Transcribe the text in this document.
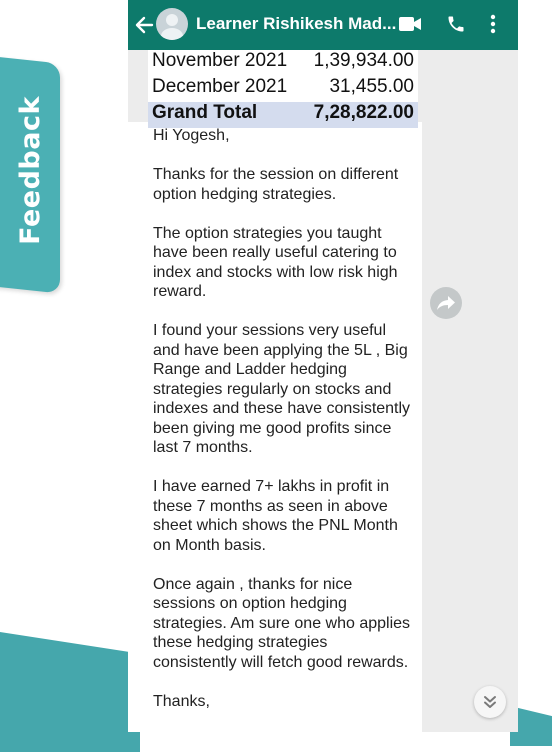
Feedback
Learner Rishikesh Mad...
November 2021 1,39,934.00
December 2021 31,455.00
Grand Total	7,28,822.00

Hi Yogesh,

Thanks for the session on different option hedging strategies.

The option strategies you taught have been really useful catering to index and stocks with low risk high reward.

I found your sessions very useful and have been applying the 5L , Big Range and Ladder hedging strategies regularly on stocks and indexes and these have consistently been giving me good profits since last 7 months.

I have earned 7+ lakhs in profit in these 7 months as seen in above sheet which shows the PNL Month on Month basis.

Once again , thanks for nice sessions on option hedging strategies. Am sure one who applies these hedging strategies consistently will fetch good rewards.

Thanks,
